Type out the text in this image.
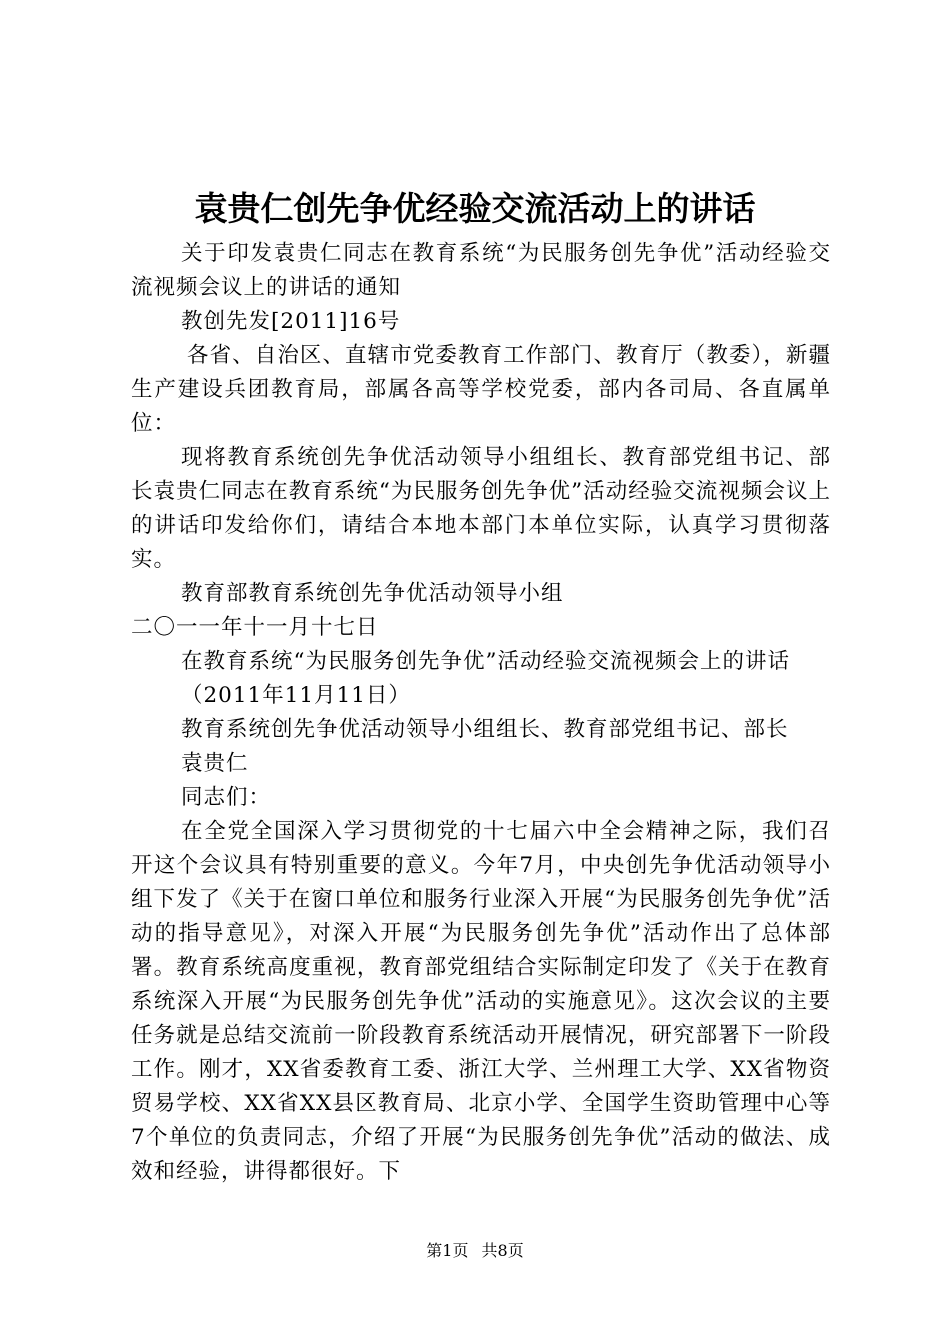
袁贵仁创先争优经验交流活动上的讲话

关于印发袁贵仁同志在教育系统“为民服务创先争优”活动经验交流视频会议上的讲话的通知

教创先发[2011]16号

各省、自治区、直辖市党委教育工作部门、教育厅（教委），新疆生产建设兵团教育局，部属各高等学校党委，部内各司局、各直属单位：

现将教育系统创先争优活动领导小组组长、教育部党组书记、部长袁贵仁同志在教育系统“为民服务创先争优”活动经验交流视频会议上的讲话印发给你们，请结合本地本部门本单位实际，认真学习贯彻落实。

教育部教育系统创先争优活动领导小组

二〇一一年十一月十七日

在教育系统“为民服务创先争优”活动经验交流视频会上的讲话

（2011年11月11日）

教育系统创先争优活动领导小组组长、教育部党组书记、部长

袁贵仁

同志们：

在全党全国深入学习贯彻党的十七届六中全会精神之际，我们召开这个会议具有特别重要的意义。今年7月，中央创先争优活动领导小组下发了《关于在窗口单位和服务行业深入开展“为民服务创先争优”活动的指导意见》，对深入开展“为民服务创先争优”活动作出了总体部署。教育系统高度重视，教育部党组结合实际制定印发了《关于在教育系统深入开展“为民服务创先争优”活动的实施意见》。这次会议的主要任务就是总结交流前一阶段教育系统活动开展情况，研究部署下一阶段工作。刚才，XX省委教育工委、浙江大学、兰州理工大学、XX省物资贸易学校、XX省XX县区教育局、北京小学、全国学生资助管理中心等7个单位的负责同志，介绍了开展“为民服务创先争优”活动的做法、成效和经验，讲得都很好。下

第1页 共8页
